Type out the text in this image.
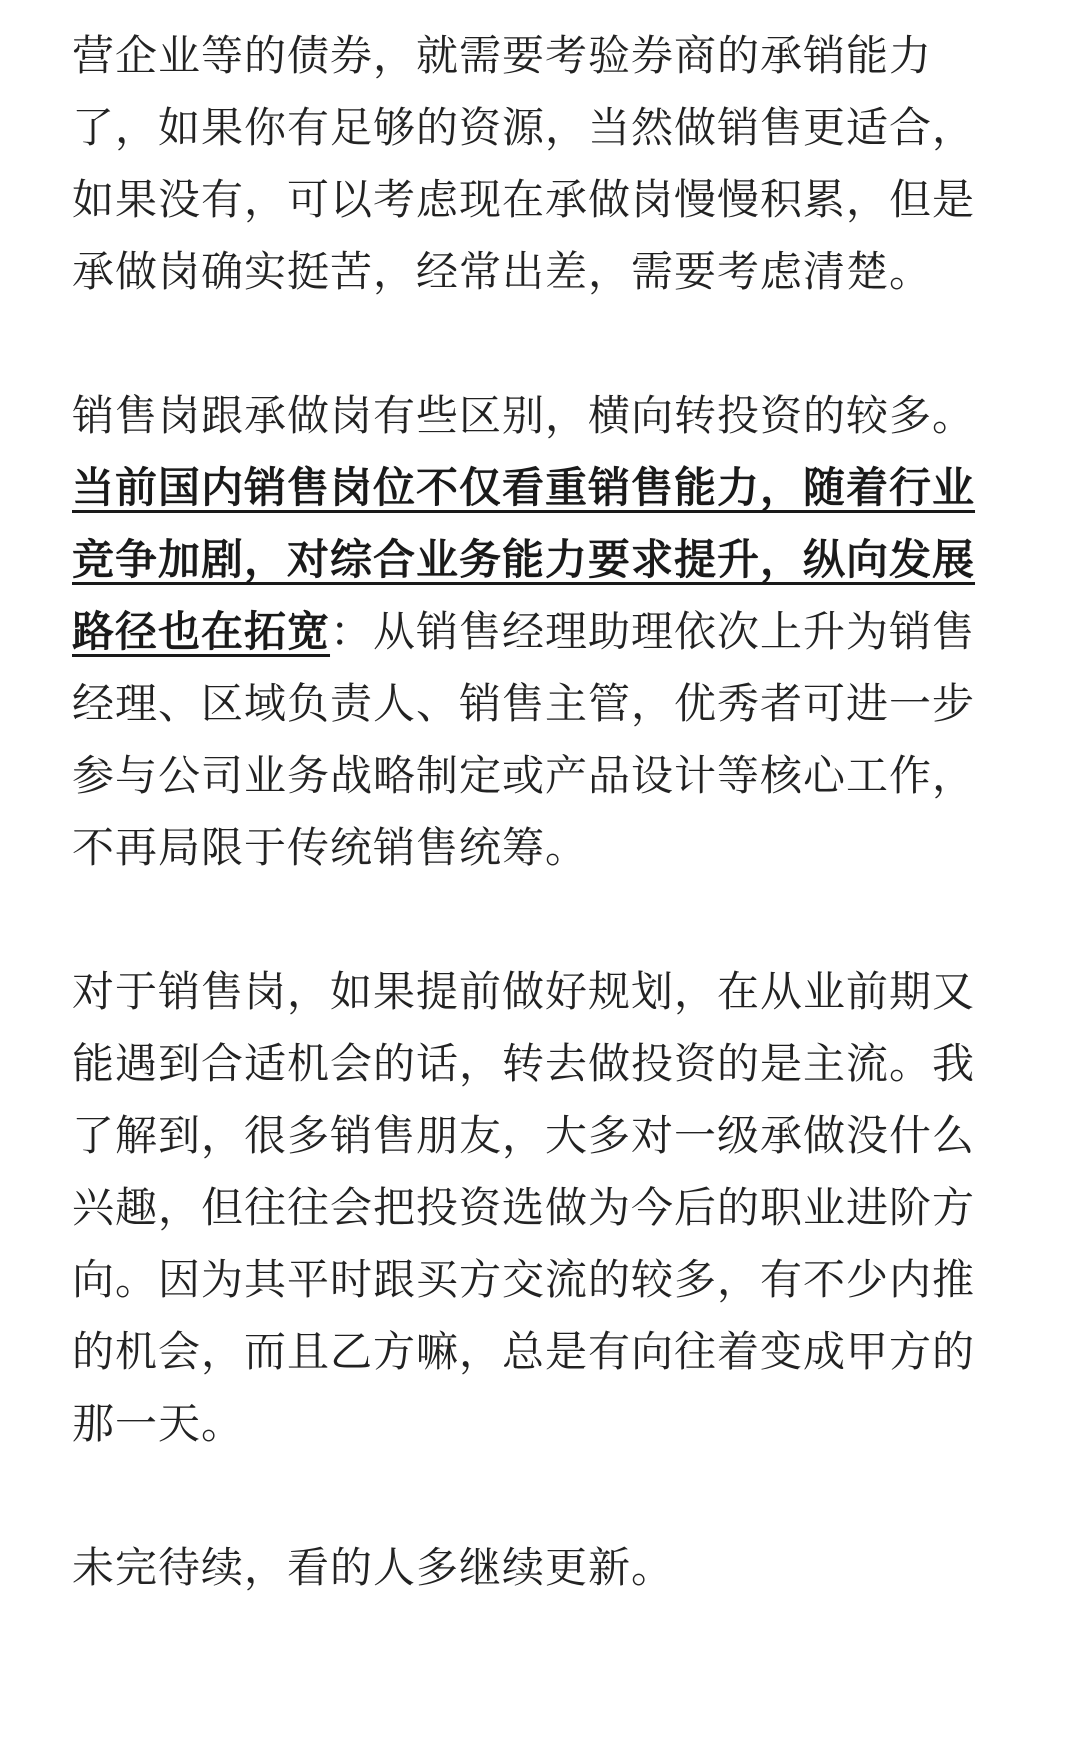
营企业等的债券，就需要考验券商的承销能力了，如果你有足够的资源，当然做销售更适合，如果没有，可以考虑现在承做岗慢慢积累，但是承做岗确实挺苦，经常出差，需要考虑清楚。

销售岗跟承做岗有些区别，横向转投资的较多。当前国内销售岗位不仅看重销售能力，随着行业竞争加剧，对综合业务能力要求提升，纵向发展路径也在拓宽：从销售经理助理依次上升为销售经理、区域负责人、销售主管，优秀者可进一步参与公司业务战略制定或产品设计等核心工作，不再局限于传统销售统筹。

对于销售岗，如果提前做好规划，在从业前期又能遇到合适机会的话，转去做投资的是主流。我了解到，很多销售朋友，大多对一级承做没什么兴趣，但往往会把投资选做为今后的职业进阶方向。因为其平时跟买方交流的较多，有不少内推的机会，而且乙方嘛，总是有向往着变成甲方的那一天。

未完待续，看的人多继续更新。
